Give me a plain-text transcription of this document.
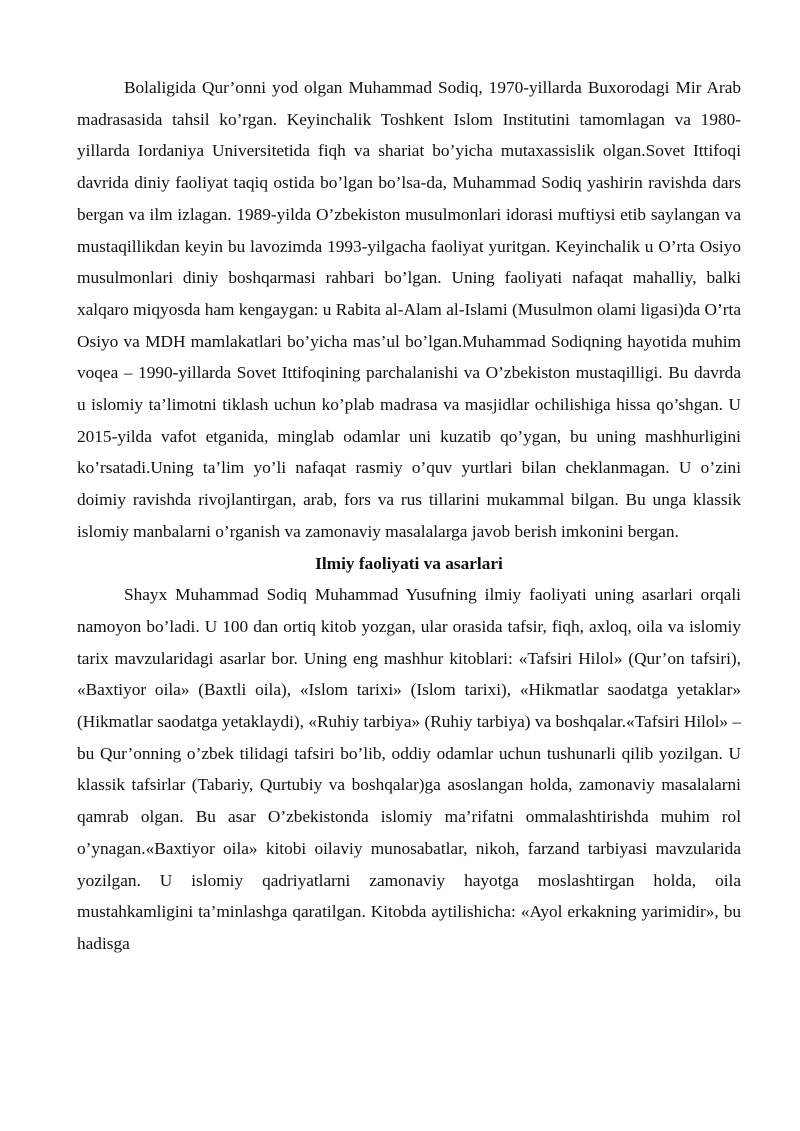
Bolaligida Qur’onni yod olgan Muhammad Sodiq, 1970-yillarda Buxorodagi Mir Arab madrasasida tahsil ko’rgan. Keyinchalik Toshkent Islom Institutini tamomlagan va 1980-yillarda Iordaniya Universitetida fiqh va shariat bo’yicha mutaxassislik olgan.Sovet Ittifoqi davrida diniy faoliyat taqiq ostida bo’lgan bo’lsa-da, Muhammad Sodiq yashirin ravishda dars bergan va ilm izlagan. 1989-yilda O’zbekiston musulmonlari idorasi muftiysi etib saylangan va mustaqillikdan keyin bu lavozimda 1993-yilgacha faoliyat yuritgan. Keyinchalik u O’rta Osiyo musulmonlari diniy boshqarmasi rahbari bo’lgan. Uning faoliyati nafaqat mahalliy, balki xalqaro miqyosda ham kengaygan: u Rabita al-Alam al-Islami (Musulmon olami ligasi)da O’rta Osiyo va MDH mamlakatlari bo’yicha mas’ul bo’lgan.Muhammad Sodiqning hayotida muhim voqea – 1990-yillarda Sovet Ittifoqining parchalanishi va O’zbekiston mustaqilligi. Bu davrda u islomiy ta’limotni tiklash uchun ko’plab madrasa va masjidlar ochilishiga hissa qo’shgan. U 2015-yilda vafot etganida, minglab odamlar uni kuzatib qo’ygan, bu uning mashhurligini ko’rsatadi.Uning ta’lim yo’li nafaqat rasmiy o’quv yurtlari bilan cheklanmagan. U o’zini doimiy ravishda rivojlantirgan, arab, fors va rus tillarini mukammal bilgan. Bu unga klassik islomiy manbalarni o’rganish va zamonaviy masalalarga javob berish imkonini bergan.

Ilmiy faoliyati va asarlari

Shayx Muhammad Sodiq Muhammad Yusufning ilmiy faoliyati uning asarlari orqali namoyon bo’ladi. U 100 dan ortiq kitob yozgan, ular orasida tafsir, fiqh, axloq, oila va islomiy tarix mavzularidagi asarlar bor. Uning eng mashhur kitoblari: «Tafsiri Hilol» (Qur’on tafsiri), «Baxtiyor oila» (Baxtli oila), «Islom tarixi» (Islom tarixi), «Hikmatlar saodatga yetaklar» (Hikmatlar saodatga yetaklaydi), «Ruhiy tarbiya» (Ruhiy tarbiya) va boshqalar.«Tafsiri Hilol» – bu Qur’onning o’zbek tilidagi tafsiri bo’lib, oddiy odamlar uchun tushunarli qilib yozilgan. U klassik tafsirlar (Tabariy, Qurtubiy va boshqalar)ga asoslangan holda, zamonaviy masalalarni qamrab olgan. Bu asar O’zbekistonda islomiy ma’rifatni ommalashtirishda muhim rol o’ynagan.«Baxtiyor oila» kitobi oilaviy munosabatlar, nikoh, farzand tarbiyasi mavzularida yozilgan. U islomiy qadriyatlarni zamonaviy hayotga moslashtirgan holda, oila mustahkamligini ta’minlashga qaratilgan. Kitobda aytilishicha: «Ayol erkakning yarimidir», bu hadisga
